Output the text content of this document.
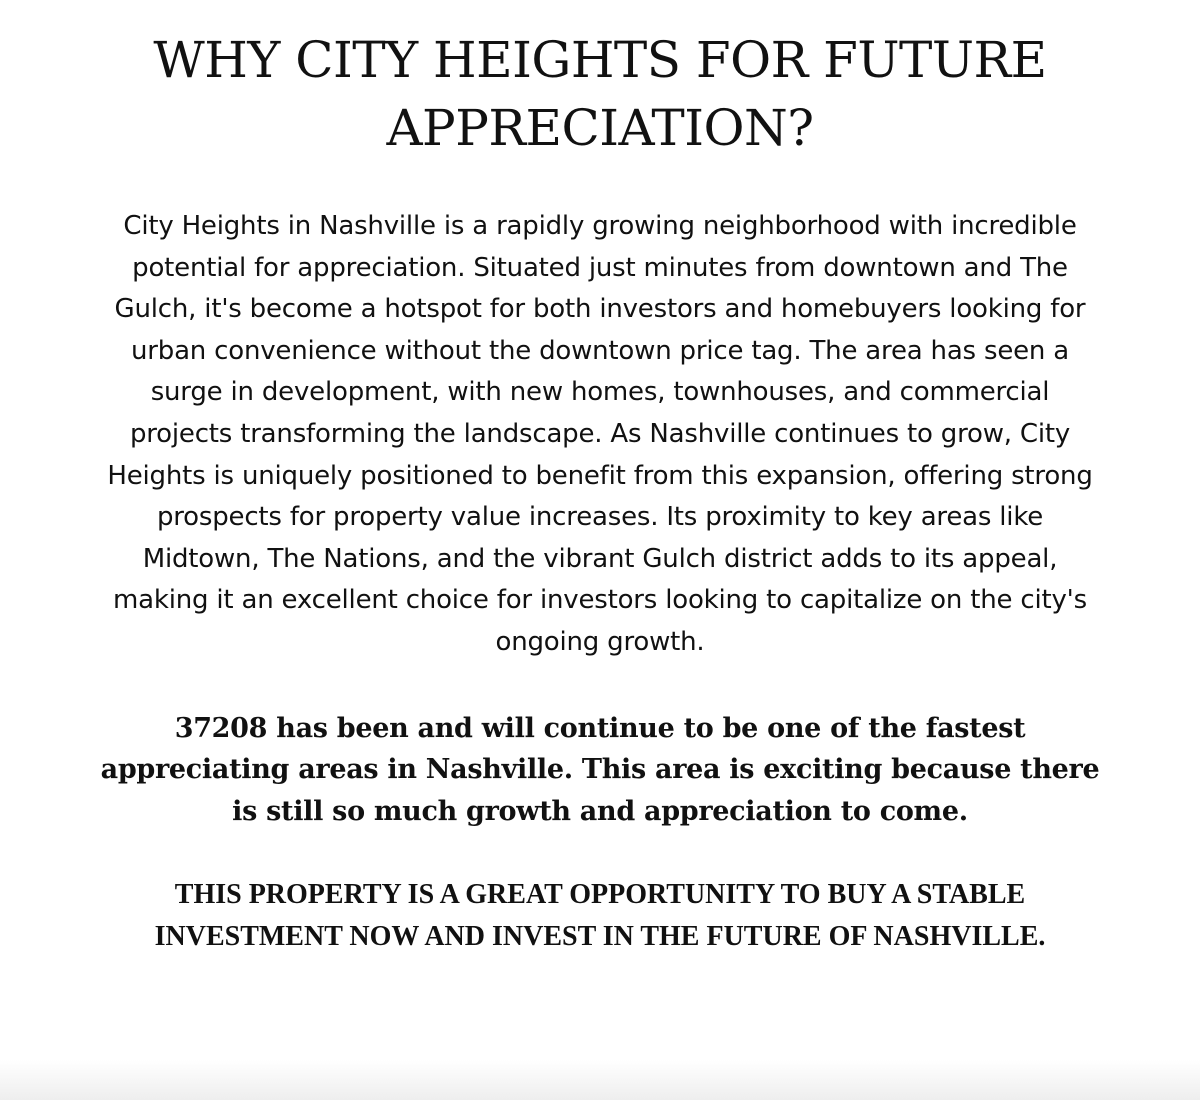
WHY CITY HEIGHTS FOR FUTURE APPRECIATION?

City Heights in Nashville is a rapidly growing neighborhood with incredible potential for appreciation. Situated just minutes from downtown and The Gulch, it's become a hotspot for both investors and homebuyers looking for urban convenience without the downtown price tag. The area has seen a surge in development, with new homes, townhouses, and commercial projects transforming the landscape. As Nashville continues to grow, City Heights is uniquely positioned to benefit from this expansion, offering strong prospects for property value increases. Its proximity to key areas like Midtown, The Nations, and the vibrant Gulch district adds to its appeal, making it an excellent choice for investors looking to capitalize on the city's ongoing growth.

37208 has been and will continue to be one of the fastest appreciating areas in Nashville. This area is exciting because there is still so much growth and appreciation to come.

THIS PROPERTY IS A GREAT OPPORTUNITY TO BUY A STABLE INVESTMENT NOW AND INVEST IN THE FUTURE OF NASHVILLE.
